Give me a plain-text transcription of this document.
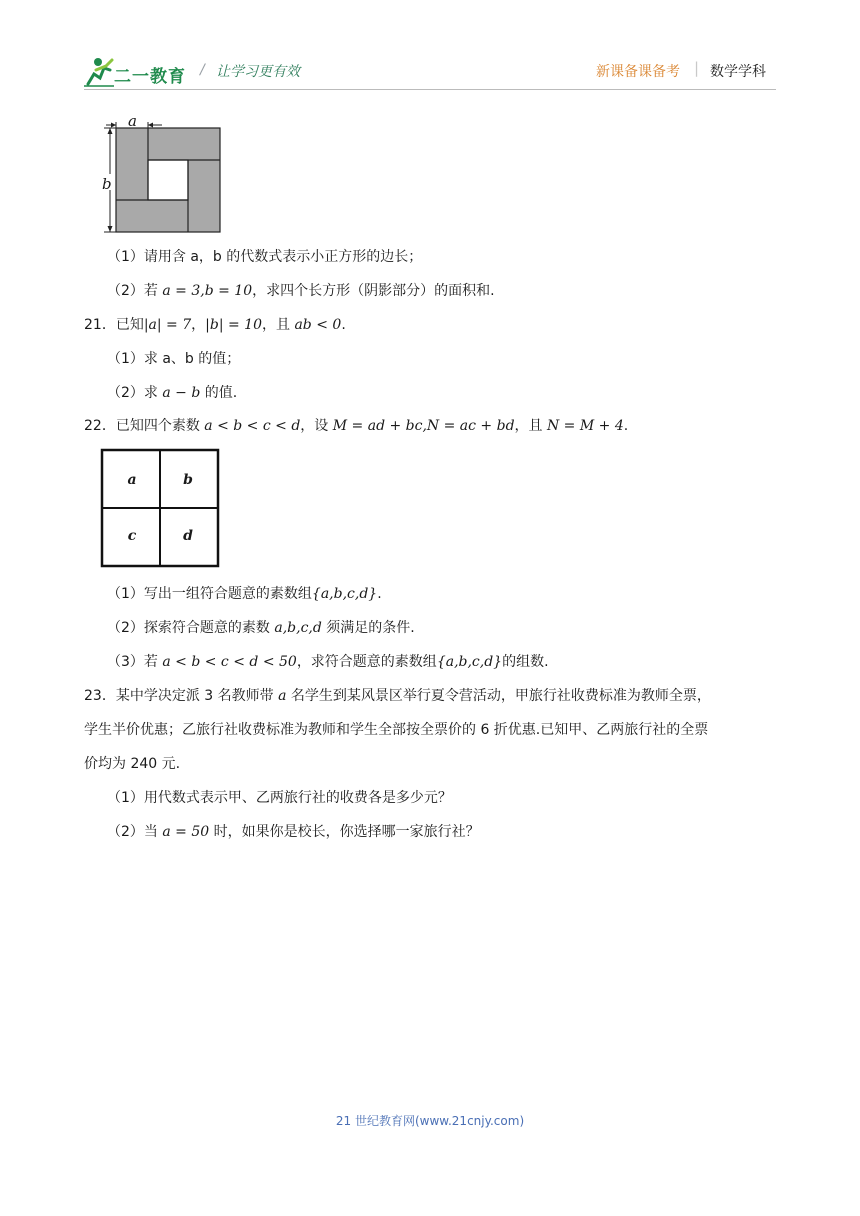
二一教育 / 让学习更有效	新课备课备考 | 数学学科
a
b
（1）请用含 a，b 的代数式表示小正方形的边长；
（2）若 a = 3,b = 10，求四个长方形（阴影部分）的面积和.
21．已知|a| = 7，|b| = 10，且 ab < 0.
（1）求 a、b 的值；
（2）求 a − b 的值.
22．已知四个素数 a < b < c < d，设 M = ad + bc,N = ac + bd，且 N = M + 4.
a	b
c	d
（1）写出一组符合题意的素数组{a,b,c,d}.
（2）探索符合题意的素数 a,b,c,d 须满足的条件.
（3）若 a < b < c < d < 50，求符合题意的素数组{a,b,c,d}的组数.
23．某中学决定派 3 名教师带 a 名学生到某风景区举行夏令营活动，甲旅行社收费标准为教师全票，
学生半价优惠；乙旅行社收费标准为教师和学生全部按全票价的 6 折优惠.已知甲、乙两旅行社的全票
价均为 240 元.
（1）用代数式表示甲、乙两旅行社的收费各是多少元？
（2）当 a = 50 时，如果你是校长，你选择哪一家旅行社？
21 世纪教育网(www.21cnjy.com)
